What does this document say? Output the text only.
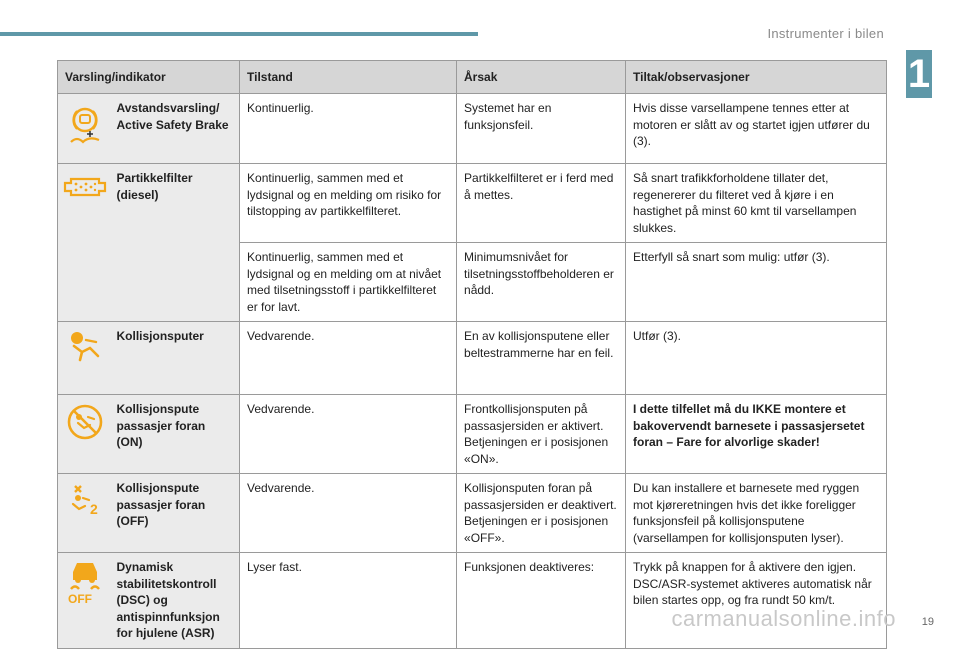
Instrumenter i bilen
1
Varsling/indikator		Tilstand	Årsak	Tiltak/observasjoner
	Avstandsvarsling/ Active Safety Brake	Kontinuerlig.	Systemet har en funksjonsfeil.	Hvis disse varsellampene tennes etter at motoren er slått av og startet igjen utfører du (3).
	Partikkelfilter (diesel)	Kontinuerlig, sammen med et lydsignal og en melding om risiko for tilstopping av partikkelfilteret.	Partikkelfilteret er i ferd med å mettes.	Så snart trafikkforholdene tillater det, regenererer du filteret ved å kjøre i en hastighet på minst 60 kmt til varsellampen slukkes.
		Kontinuerlig, sammen med et lydsignal og en melding om at nivået med tilsetningsstoff i partikkelfilteret er for lavt.	Minimumsnivået for tilsetningsstoffbeholderen er nådd.	Etterfyll så snart som mulig: utfør (3).
	Kollisjonsputer	Vedvarende.	En av kollisjonsputene eller beltestrammerne har en feil.	Utfør (3).
	Kollisjonspute passasjer foran (ON)	Vedvarende.	Frontkollisjonsputen på passasjersiden er aktivert. Betjeningen er i posisjonen «ON».	I dette tilfellet må du IKKE montere et bakovervendt barnesete i passasjersetet foran – Fare for alvorlige skader!

2	Kollisjonspute passasjer foran (OFF)	Vedvarende.	Kollisjonsputen foran på passasjersiden er deaktivert. Betjeningen er i posisjonen «OFF».	Du kan installere et barnesete med ryggen mot kjøreretningen hvis det ikke foreligger funksjonsfeil på kollisjonsputene (varsellampen for kollisjonsputen lyser).

OFF	Dynamisk stabilitetskontroll (DSC) og antispinnfunksjon for hjulene (ASR)	Lyser fast.	Funksjonen deaktiveres:	Trykk på knappen for å aktivere den igjen. DSC/ASR-systemet aktiveres automatisk når bilen startes opp, og fra rundt 50 km/t.
carmanualsonline.info 19
